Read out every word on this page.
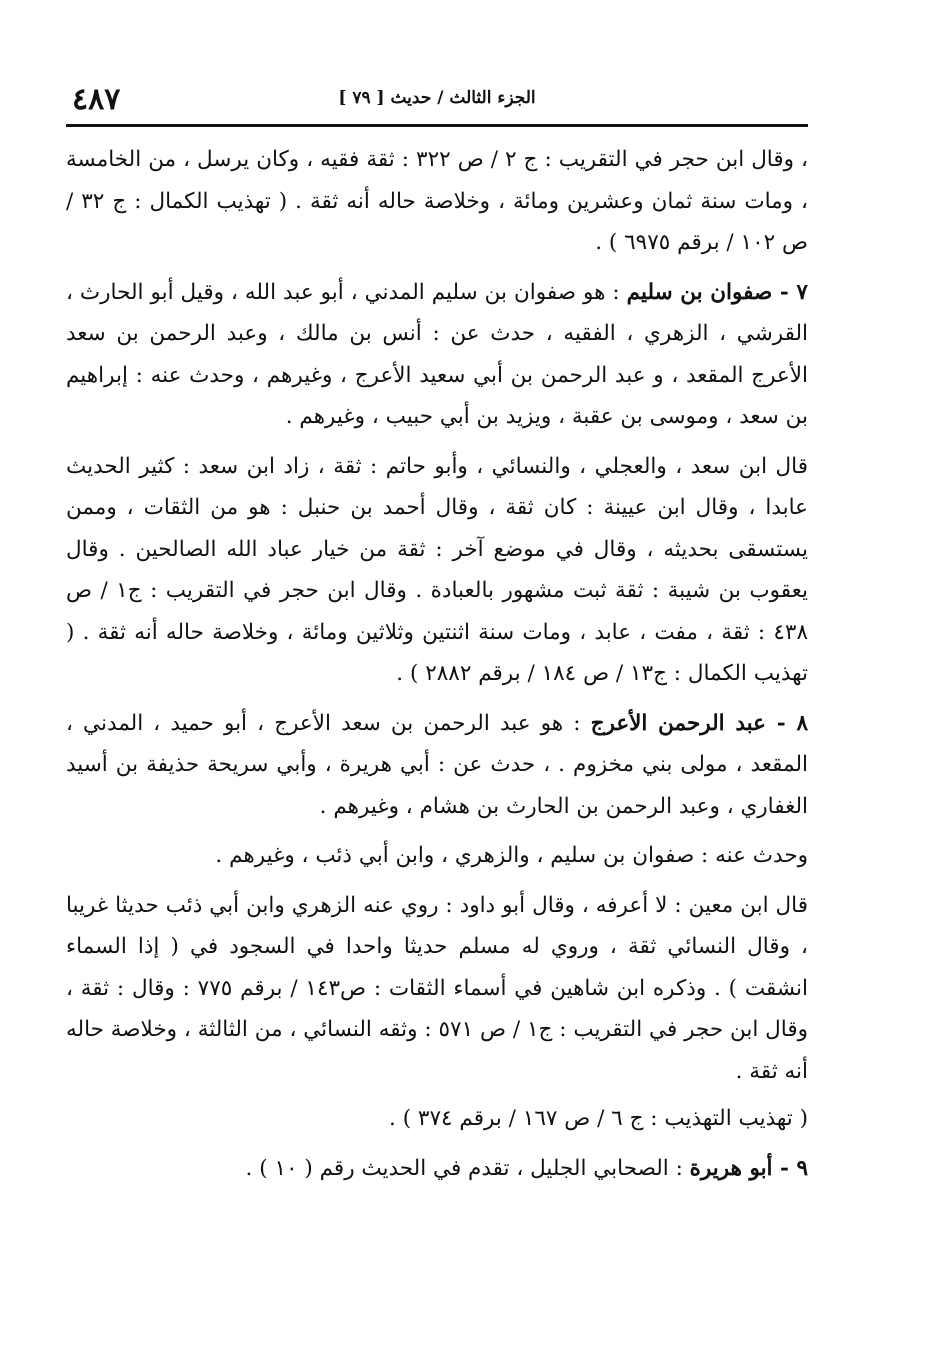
الجزء الثالث / حديث [ ٧٩ ]
٤٨٧

، وقال ابن حجر في التقريب : ج ٢ / ص ٣٢٢ : ثقة فقيه ، وكان يرسل ، من الخامسة ، ومات سنة ثمان وعشرين ومائة ، وخلاصة حاله أنه ثقة . ( تهذيب الكمال : ج ٣٢ / ص ١٠٢ / برقم ٦٩٧٥ ) .

٧ - صفوان بن سليم : هو صفوان بن سليم المدني ، أبو عبد الله ، وقيل أبو الحارث ، القرشي ، الزهري ، الفقيه ، حدث عن : أنس بن مالك ، وعبد الرحمن بن سعد الأعرج المقعد ، و عبد الرحمن بن أبي سعيد الأعرج ، وغيرهم ، وحدث عنه : إبراهيم بن سعد ، وموسى بن عقبة ، ويزيد بن أبي حبيب ، وغيرهم .

قال ابن سعد ، والعجلي ، والنسائي ، وأبو حاتم : ثقة ، زاد ابن سعد : كثير الحديث عابدا ، وقال ابن عيينة : كان ثقة ، وقال أحمد بن حنبل : هو من الثقات ، وممن يستسقى بحديثه ، وقال في موضع آخر : ثقة من خيار عباد الله الصالحين . وقال يعقوب بن شيبة : ثقة ثبت مشهور بالعبادة . وقال ابن حجر في التقريب : ج١ / ص ٤٣٨ : ثقة ، مفت ، عابد ، ومات سنة اثنتين وثلاثين ومائة ، وخلاصة حاله أنه ثقة . ( تهذيب الكمال : ج١٣ / ص ١٨٤ / برقم ٢٨٨٢ ) .

٨ - عبد الرحمن الأعرج : هو عبد الرحمن بن سعد الأعرج ، أبو حميد ، المدني ، المقعد ، مولى بني مخزوم . ، حدث عن : أبي هريرة ، وأبي سريحة حذيفة بن أسيد الغفاري ، وعبد الرحمن بن الحارث بن هشام ، وغيرهم .

وحدث عنه : صفوان بن سليم ، والزهري ، وابن أبي ذئب ، وغيرهم .

قال ابن معين : لا أعرفه ، وقال أبو داود : روي عنه الزهري وابن أبي ذئب حديثا غريبا ، وقال النسائي ثقة ، وروي له مسلم حديثا واحدا في السجود في ( إذا السماء انشقت ) . وذكره ابن شاهين في أسماء الثقات : ص١٤٣ / برقم ٧٧٥ : وقال : ثقة ، وقال ابن حجر في التقريب : ج١ / ص ٥٧١ : وثقه النسائي ، من الثالثة ، وخلاصة حاله أنه ثقة .

( تهذيب التهذيب : ج ٦ / ص ١٦٧ / برقم ٣٧٤ ) .

٩ - أبو هريرة : الصحابي الجليل ، تقدم في الحديث رقم ( ١٠ ) .
